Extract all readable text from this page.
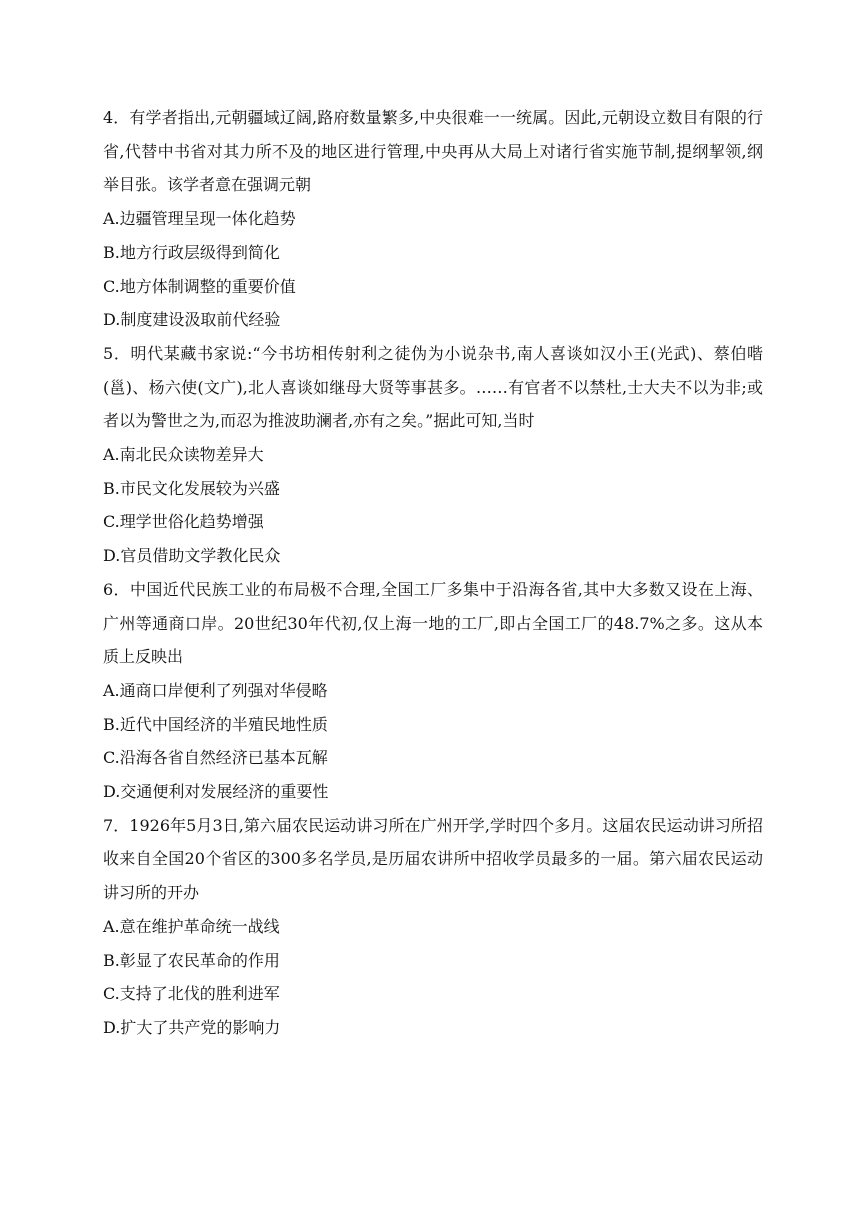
4．有学者指出,元朝疆域辽阔,路府数量繁多,中央很难一一统属。因此,元朝设立数目有限的行省,代替中书省对其力所不及的地区进行管理,中央再从大局上对诸行省实施节制,提纲挈领,纲举目张。该学者意在强调元朝

A.边疆管理呈现一体化趋势

B.地方行政层级得到简化

C.地方体制调整的重要价值

D.制度建设汲取前代经验

5．明代某藏书家说:“今书坊相传射利之徒伪为小说杂书,南人喜谈如汉小王(光武)、蔡伯喈(邕)、杨六使(文广),北人喜谈如继母大贤等事甚多。……有官者不以禁杜,士大夫不以为非;或者以为警世之为,而忍为推波助澜者,亦有之矣。”据此可知,当时

A.南北民众读物差异大

B.市民文化发展较为兴盛

C.理学世俗化趋势增强

D.官员借助文学教化民众

6．中国近代民族工业的布局极不合理,全国工厂多集中于沿海各省,其中大多数又设在上海、广州等通商口岸。20世纪30年代初,仅上海一地的工厂,即占全国工厂的48.7%之多。这从本质上反映出

A.通商口岸便利了列强对华侵略

B.近代中国经济的半殖民地性质

C.沿海各省自然经济已基本瓦解

D.交通便利对发展经济的重要性

7．1926年5月3日,第六届农民运动讲习所在广州开学,学时四个多月。这届农民运动讲习所招收来自全国20个省区的300多名学员,是历届农讲所中招收学员最多的一届。第六届农民运动讲习所的开办

A.意在维护革命统一战线

B.彰显了农民革命的作用

C.支持了北伐的胜利进军

D.扩大了共产党的影响力
